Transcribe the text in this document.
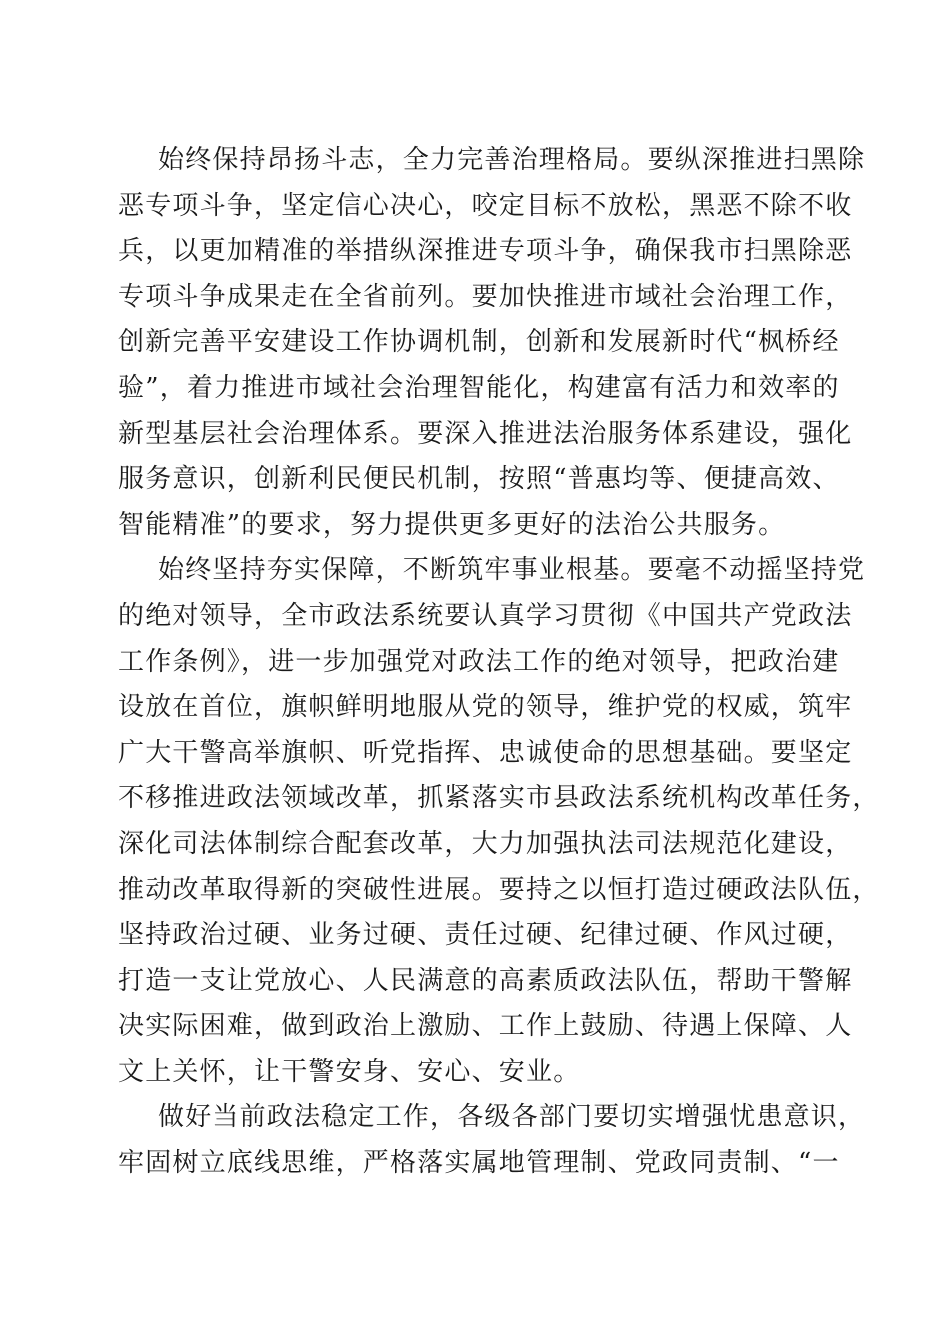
始终保持昂扬斗志，全力完善治理格局。要纵深推进扫黑除
恶专项斗争，坚定信心决心，咬定目标不放松，黑恶不除不收
兵，以更加精准的举措纵深推进专项斗争，确保我市扫黑除恶
专项斗争成果走在全省前列。要加快推进市域社会治理工作，
创新完善平安建设工作协调机制，创新和发展新时代“枫桥经
验”，着力推进市域社会治理智能化，构建富有活力和效率的
新型基层社会治理体系。要深入推进法治服务体系建设，强化
服务意识，创新利民便民机制，按照“普惠均等、便捷高效、
智能精准”的要求，努力提供更多更好的法治公共服务。
始终坚持夯实保障，不断筑牢事业根基。要毫不动摇坚持党
的绝对领导，全市政法系统要认真学习贯彻《中国共产党政法
工作条例》，进一步加强党对政法工作的绝对领导，把政治建
设放在首位，旗帜鲜明地服从党的领导，维护党的权威，筑牢
广大干警高举旗帜、听党指挥、忠诚使命的思想基础。要坚定
不移推进政法领域改革，抓紧落实市县政法系统机构改革任务，
深化司法体制综合配套改革，大力加强执法司法规范化建设，
推动改革取得新的突破性进展。要持之以恒打造过硬政法队伍，
坚持政治过硬、业务过硬、责任过硬、纪律过硬、作风过硬，
打造一支让党放心、人民满意的高素质政法队伍，帮助干警解
决实际困难，做到政治上激励、工作上鼓励、待遇上保障、人
文上关怀，让干警安身、安心、安业。
做好当前政法稳定工作，各级各部门要切实增强忧患意识，
牢固树立底线思维，严格落实属地管理制、党政同责制、“一
